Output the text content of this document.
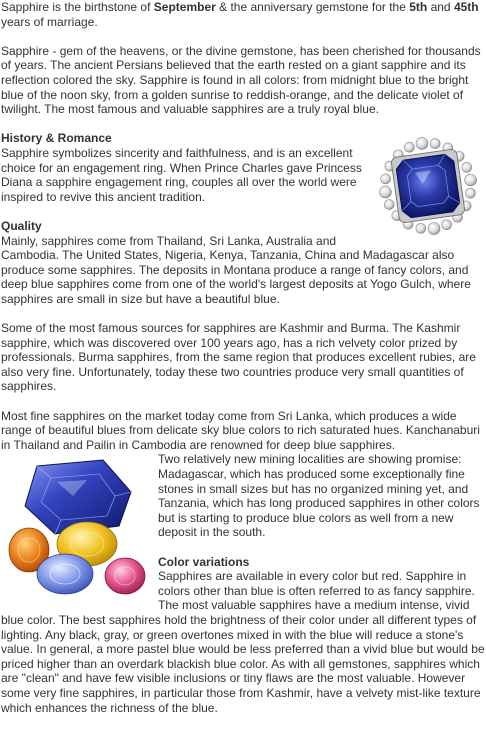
Sapphire is the birthstone of September & the anniversary gemstone for the 5th and 45th years of marriage.

Sapphire - gem of the heavens, or the divine gemstone, has been cherished for thousands of years. The ancient Persians believed that the earth rested on a giant sapphire and its reflection colored the sky. Sapphire is found in all colors: from midnight blue to the bright blue of the noon sky, from a golden sunrise to reddish-orange, and the delicate violet of twilight. The most famous and valuable sapphires are a truly royal blue.

History & Romance

Sapphire symbolizes sincerity and faithfulness, and is an excellent choice for an engagement ring. When Prince Charles gave Princess Diana a sapphire engagement ring, couples all over the world were inspired to revive this ancient tradition.

Quality

Mainly, sapphires come from Thailand, Sri Lanka, Australia and Cambodia. The United States, Nigeria, Kenya, Tanzania, China and Madagascar also produce some sapphires. The deposits in Montana produce a range of fancy colors, and deep blue sapphires come from one of the world's largest deposits at Yogo Gulch, where sapphires are small in size but have a beautiful blue.

Some of the most famous sources for sapphires are Kashmir and Burma. The Kashmir sapphire, which was discovered over 100 years ago, has a rich velvety color prized by professionals. Burma sapphires, from the same region that produces excellent rubies, are also very fine. Unfortunately, today these two countries produce very small quantities of sapphires.

Most fine sapphires on the market today come from Sri Lanka, which produces a wide range of beautiful blues from delicate sky blue colors to rich saturated hues. Kanchanaburi in Thailand and Pailin in Cambodia are renowned for deep blue sapphires.

Two relatively new mining localities are showing promise: Madagascar, which has produced some exceptionally fine stones in small sizes but has no organized mining yet, and Tanzania, which has long produced sapphires in other colors but is starting to produce blue colors as well from a new deposit in the south.

Color variations

Sapphires are available in every color but red. Sapphire in colors other than blue is often referred to as fancy sapphire. The most valuable sapphires have a medium intense, vivid blue color. The best sapphires hold the brightness of their color under all different types of lighting. Any black, gray, or green overtones mixed in with the blue will reduce a stone's value. In general, a more pastel blue would be less preferred than a vivid blue but would be priced higher than an overdark blackish blue color. As with all gemstones, sapphires which are "clean" and have few visible inclusions or tiny flaws are the most valuable. However some very fine sapphires, in particular those from Kashmir, have a velvety mist-like texture which enhances the richness of the blue.
